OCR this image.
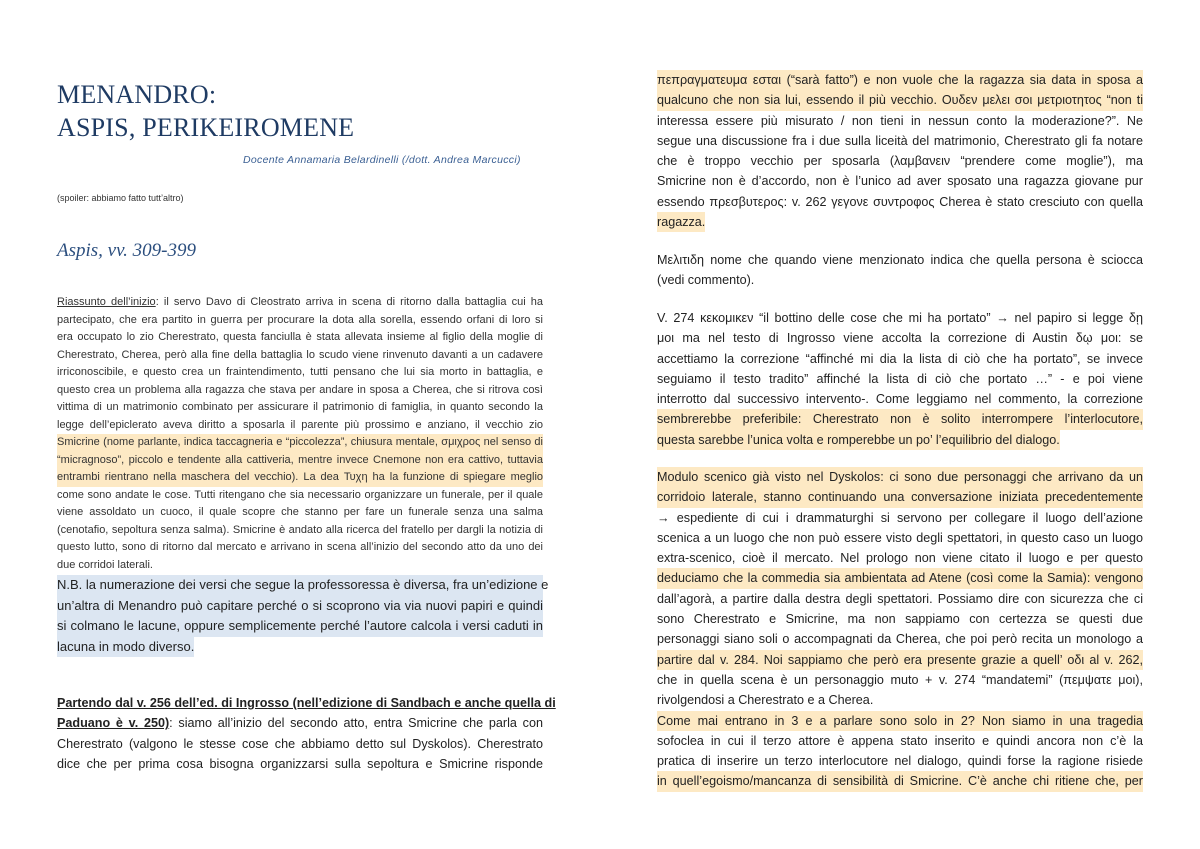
MENANDRO:
ASPIS, PERIKEIROMENE
Docente Annamaria Belardinelli (/dott. Andrea Marcucci)
(spoiler: abbiamo fatto tutt’altro)
Aspis, vv. 309-399
Riassunto dell’inizio: il servo Davo di Cleostrato arriva in scena di ritorno dalla battaglia cui ha
partecipato, che era partito in guerra per procurare la dota alla sorella, essendo orfani di loro si
era occupato lo zio Cherestrato, questa fanciulla è stata allevata insieme al figlio della moglie di
Cherestrato, Cherea, però alla fine della battaglia lo scudo viene rinvenuto davanti a un cadavere
irriconoscibile, e questo crea un fraintendimento, tutti pensano che lui sia morto in battaglia, e
questo crea un problema alla ragazza che stava per andare in sposa a Cherea, che si ritrova così
vittima di un matrimonio combinato per assicurare il patrimonio di famiglia, in quanto secondo la
legge dell’epiclerato aveva diritto a sposarla il parente più prossimo e anziano, il vecchio zio
Smicrine (nome parlante, indica taccagneria e “piccolezza”, chiusura mentale, σμιχρος nel senso di
“micragnoso”, piccolo e tendente alla cattiveria, mentre invece Cnemone non era cattivo, tuttavia
entrambi rientrano nella maschera del vecchio). La dea Τυχη ha la funzione di spiegare meglio
come sono andate le cose. Tutti ritengano che sia necessario organizzare un funerale, per il quale
viene assoldato un cuoco, il quale scopre che stanno per fare un funerale senza una salma
(cenotafio, sepoltura senza salma). Smicrine è andato alla ricerca del fratello per dargli la notizia di
questo lutto, sono di ritorno dal mercato e arrivano in scena all’inizio del secondo atto da uno dei
due corridoi laterali.
N.B. la numerazione dei versi che segue la professoressa è diversa, fra un’edizione e
un’altra di Menandro può capitare perché o si scoprono via via nuovi papiri e quindi
si colmano le lacune, oppure semplicemente perché l’autore calcola i versi caduti in
lacuna in modo diverso.
Partendo dal v. 256 dell’ed. di Ingrosso (nell’edizione di Sandbach e anche quella di
Paduano è v. 250): siamo all’inizio del secondo atto, entra Smicrine che parla con
Cherestrato (valgono le stesse cose che abbiamo detto sul Dyskolos). Cherestrato
dice che per prima cosa bisogna organizzarsi sulla sepoltura e Smicrine risponde
πεπραγματευμα εσται (“sarà fatto”) e non vuole che la ragazza sia data in sposa a
qualcuno che non sia lui, essendo il più vecchio. Ουδεν μελει σοι μετριοτητος “non ti
interessa essere più misurato / non tieni in nessun conto la moderazione?”. Ne
segue una discussione fra i due sulla liceità del matrimonio, Cherestrato gli fa notare
che è troppo vecchio per sposarla (λαμβανειν “prendere come moglie”), ma
Smicrine non è d’accordo, non è l’unico ad aver sposato una ragazza giovane pur
essendo πρεσβυτερος: v. 262 γεγονε συντροφος Cherea è stato cresciuto con quella
ragazza.
Μελιτιδη nome che quando viene menzionato indica che quella persona è sciocca
(vedi commento).
V. 274 κεκομικεν “il bottino delle cose che mi ha portato” → nel papiro si legge δῃ
μοι ma nel testo di Ingrosso viene accolta la correzione di Austin δῳ μοι: se
accettiamo la correzione “affinché mi dia la lista di ciò che ha portato”, se invece
seguiamo il testo tradito” affinché la lista di ciò che portato …” - e poi viene
interrotto dal successivo intervento-. Come leggiamo nel commento, la correzione
sembrerebbe preferibile: Cherestrato non è solito interrompere l’interlocutore,
questa sarebbe l’unica volta e romperebbe un po’ l’equilibrio del dialogo.
Modulo scenico già visto nel Dyskolos: ci sono due personaggi che arrivano da un
corridoio laterale, stanno continuando una conversazione iniziata precedentemente
→ espediente di cui i drammaturghi si servono per collegare il luogo dell’azione
scenica a un luogo che non può essere visto degli spettatori, in questo caso un luogo
extra-scenico, cioè il mercato. Nel prologo non viene citato il luogo e per questo
deduciamo che la commedia sia ambientata ad Atene (così come la Samia): vengono
dall’agorà, a partire dalla destra degli spettatori. Possiamo dire con sicurezza che ci
sono Cherestrato e Smicrine, ma non sappiamo con certezza se questi due
personaggi siano soli o accompagnati da Cherea, che poi però recita un monologo a
partire dal v. 284. Noi sappiamo che però era presente grazie a quell’ οδι al v. 262,
che in quella scena è un personaggio muto + v. 274 “mandatemi” (πεμψατε μοι),
rivolgendosi a Cherestrato e a Cherea.
Come mai entrano in 3 e a parlare sono solo in 2? Non siamo in una tragedia
sofoclea in cui il terzo attore è appena stato inserito e quindi ancora non c’è la
pratica di inserire un terzo interlocutore nel dialogo, quindi forse la ragione risiede
in quell’egoismo/mancanza di sensibilità di Smicrine. C’è anche chi ritiene che, per
